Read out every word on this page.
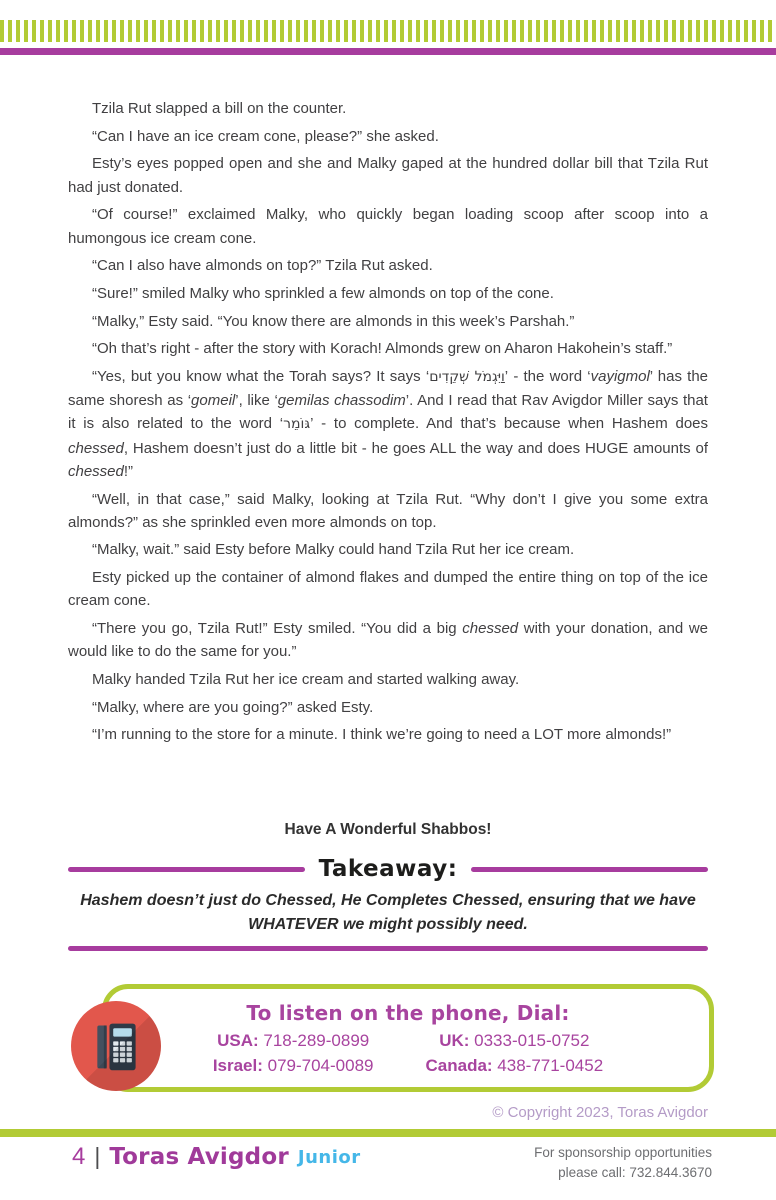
Tzila Rut slapped a bill on the counter.

“Can I have an ice cream cone, please?” she asked.

Esty’s eyes popped open and she and Malky gaped at the hundred dollar bill that Tzila Rut had just donated.

“Of course!” exclaimed Malky, who quickly began loading scoop after scoop into a humongous ice cream cone.

“Can I also have almonds on top?” Tzila Rut asked.

“Sure!” smiled Malky who sprinkled a few almonds on top of the cone.

“Malky,” Esty said. “You know there are almonds in this week’s Parshah.”

“Oh that’s right - after the story with Korach! Almonds grew on Aharon Hakohein’s staff.”

“Yes, but you know what the Torah says? It says ‘וַיִּגְמֹל שְׁקֵדִים’ - the word ‘vayigmol’ has the same shoresh as ‘gomeil’, like ‘gemilas chassodim’. And I read that Rav Avigdor Miller says that it is also related to the word ‘גּוֹמֵר’ - to complete. And that’s because when Hashem does chessed, Hashem doesn’t just do a little bit - he goes ALL the way and does HUGE amounts of chessed!”

“Well, in that case,” said Malky, looking at Tzila Rut. “Why don’t I give you some extra almonds?” as she sprinkled even more almonds on top.

“Malky, wait.” said Esty before Malky could hand Tzila Rut her ice cream.

Esty picked up the container of almond flakes and dumped the entire thing on top of the ice cream cone.

“There you go, Tzila Rut!” Esty smiled. “You did a big chessed with your donation, and we would like to do the same for you.”

Malky handed Tzila Rut her ice cream and started walking away.

“Malky, where are you going?” asked Esty.

“I’m running to the store for a minute. I think we’re going to need a LOT more almonds!”

Have A Wonderful Shabbos!
Takeaway:
Hashem doesn’t just do Chessed, He Completes Chessed, ensuring that we have WHATEVER we might possibly need.
To listen on the phone, Dial:
USA: 718-289-0899	UK: 0333-015-0752
Israel: 079-704-0089	Canada: 438-771-0452
© Copyright 2023, Toras Avigdor
4 | Toras Avigdor Junior	For sponsorship opportunities
please call: 732.844.3670
